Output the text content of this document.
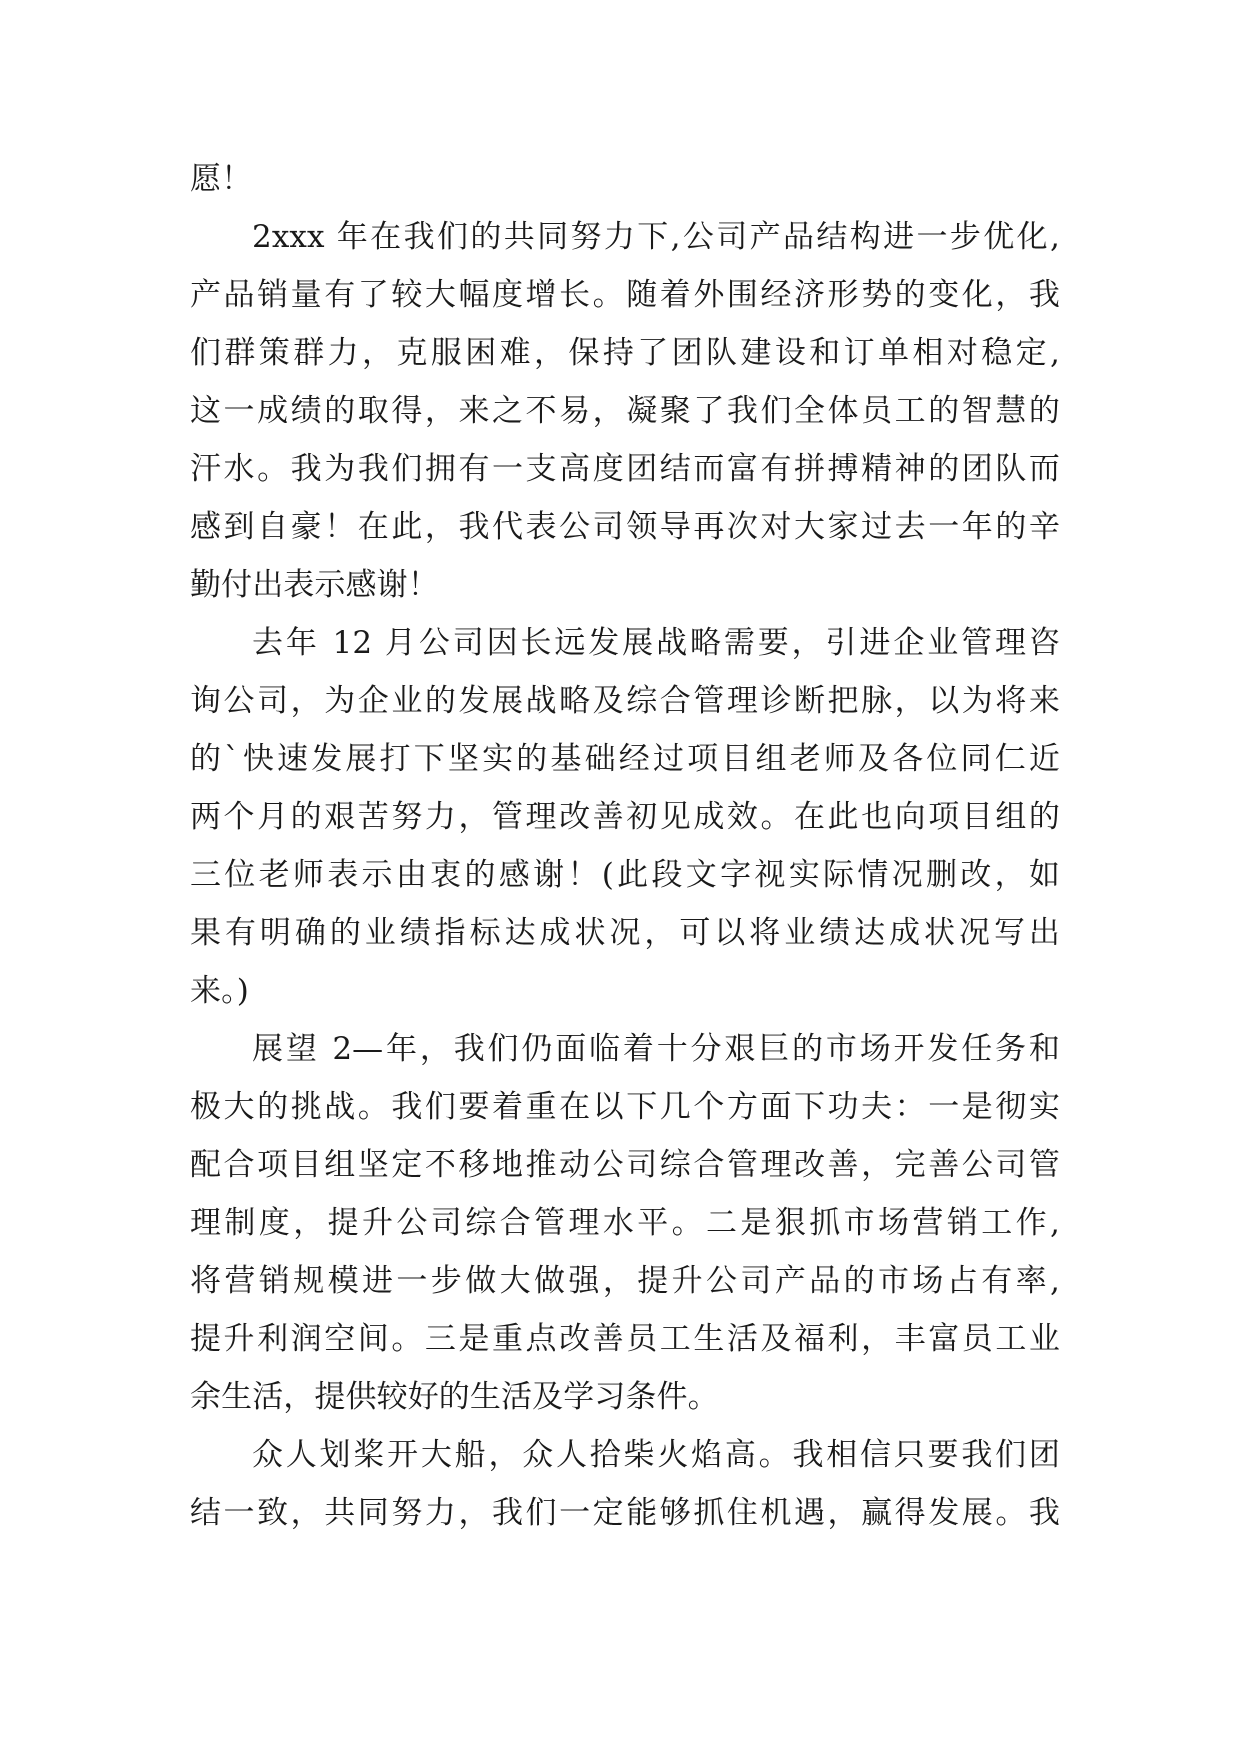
愿！
2xxx 年在我们的共同努力下,公司产品结构进一步优化,
产品销量有了较大幅度增长。随着外围经济形势的变化，我
们群策群力，克服困难，保持了团队建设和订单相对稳定,
这一成绩的取得，来之不易，凝聚了我们全体员工的智慧的
汗水。我为我们拥有一支高度团结而富有拼搏精神的团队而
感到自豪！在此，我代表公司领导再次对大家过去一年的辛
勤付出表示感谢！
去年 12 月公司因长远发展战略需要，引进企业管理咨
询公司，为企业的发展战略及综合管理诊断把脉，以为将来
的`快速发展打下坚实的基础经过项目组老师及各位同仁近
两个月的艰苦努力，管理改善初见成效。在此也向项目组的
三位老师表示由衷的感谢！(此段文字视实际情况删改，如
果有明确的业绩指标达成状况，可以将业绩达成状况写出
来。)
展望 2—年，我们仍面临着十分艰巨的市场开发任务和
极大的挑战。我们要着重在以下几个方面下功夫：一是彻实
配合项目组坚定不移地推动公司综合管理改善，完善公司管
理制度，提升公司综合管理水平。二是狠抓市场营销工作,
将营销规模进一步做大做强，提升公司产品的市场占有率,
提升利润空间。三是重点改善员工生活及福利，丰富员工业
余生活，提供较好的生活及学习条件。
众人划桨开大船，众人拾柴火焰高。我相信只要我们团
结一致，共同努力，我们一定能够抓住机遇，赢得发展。我
